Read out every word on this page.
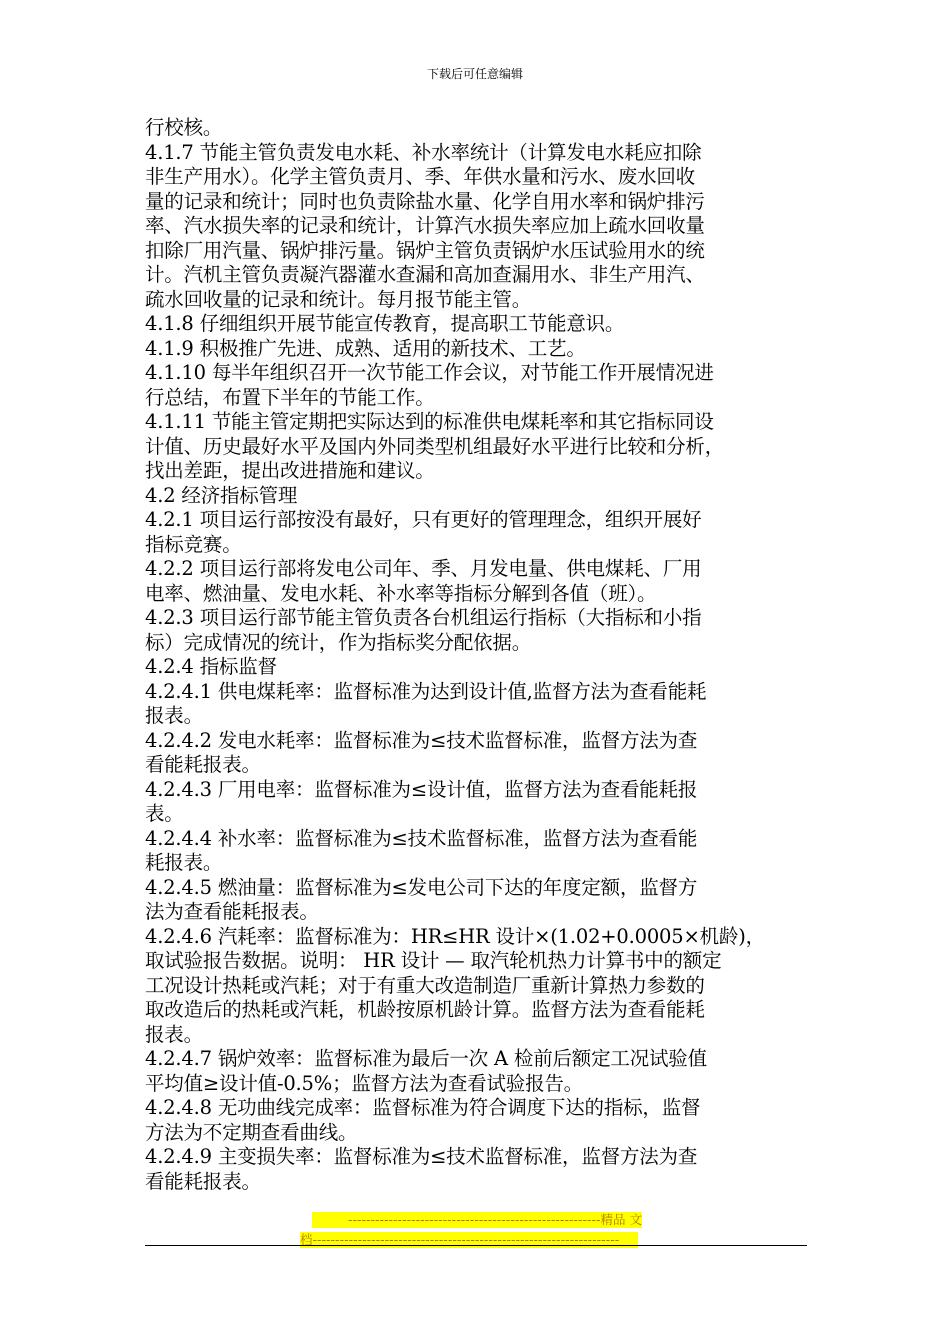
下载后可任意编辑
行校核。
4.1.7 节能主管负责发电水耗、补水率统计（计算发电水耗应扣除
非生产用水）。化学主管负责月、季、年供水量和污水、废水回收
量的记录和统计；同时也负责除盐水量、化学自用水率和锅炉排污
率、汽水损失率的记录和统计，计算汽水损失率应加上疏水回收量
扣除厂用汽量、锅炉排污量。锅炉主管负责锅炉水压试验用水的统
计。汽机主管负责凝汽器灌水查漏和高加查漏用水、非生产用汽、
疏水回收量的记录和统计。每月报节能主管。
4.1.8 仔细组织开展节能宣传教育，提高职工节能意识。
4.1.9 积极推广先进、成熟、适用的新技术、工艺。
4.1.10 每半年组织召开一次节能工作会议，对节能工作开展情况进
行总结，布置下半年的节能工作。
4.1.11 节能主管定期把实际达到的标准供电煤耗率和其它指标同设
计值、历史最好水平及国内外同类型机组最好水平进行比较和分析，
找出差距，提出改进措施和建议。
4.2 经济指标管理
4.2.1 项目运行部按没有最好，只有更好的管理理念，组织开展好
指标竞赛。
4.2.2 项目运行部将发电公司年、季、月发电量、供电煤耗、厂用
电率、燃油量、发电水耗、补水率等指标分解到各值（班）。
4.2.3 项目运行部节能主管负责各台机组运行指标（大指标和小指
标）完成情况的统计，作为指标奖分配依据。
4.2.4 指标监督
4.2.4.1 供电煤耗率：监督标准为达到设计值,监督方法为查看能耗
报表。
4.2.4.2 发电水耗率：监督标准为≤技术监督标准，监督方法为查
看能耗报表。
4.2.4.3 厂用电率：监督标准为≤设计值，监督方法为查看能耗报
表。
4.2.4.4 补水率：监督标准为≤技术监督标准，监督方法为查看能
耗报表。
4.2.4.5 燃油量：监督标准为≤发电公司下达的年度定额，监督方
法为查看能耗报表。
4.2.4.6 汽耗率：监督标准为：HR≤HR 设计×(1.02+0.0005×机龄)，
取试验报告数据。说明： HR 设计 — 取汽轮机热力计算书中的额定
工况设计热耗或汽耗；对于有重大改造制造厂重新计算热力参数的
取改造后的热耗或汽耗，机龄按原机龄计算。监督方法为查看能耗
报表。
4.2.4.7 锅炉效率：监督标准为最后一次 A 检前后额定工况试验值
平均值≥设计值-0.5%；监督方法为查看试验报告。
4.2.4.8 无功曲线完成率：监督标准为符合调度下达的指标，监督
方法为不定期查看曲线。
4.2.4.9 主变损失率：监督标准为≤技术监督标准，监督方法为查
看能耗报表。
--------------------------------------------------------精品 文
档--------------------------------------------------------------------
